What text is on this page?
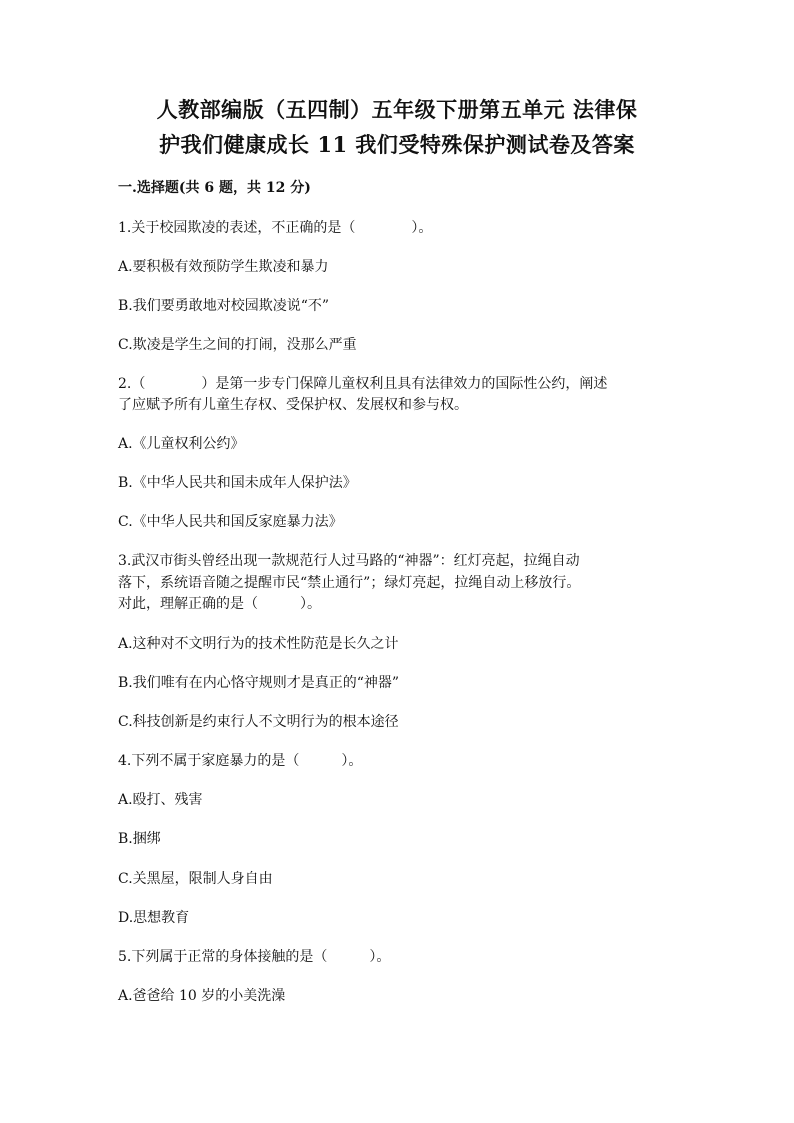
人教部编版（五四制）五年级下册第五单元 法律保
护我们健康成长 11 我们受特殊保护测试卷及答案
一.选择题(共 6 题，共 12 分)
1.关于校园欺凌的表述，不正确的是（　　　　）。
A.要积极有效预防学生欺凌和暴力
B.我们要勇敢地对校园欺凌说“不”
C.欺凌是学生之间的打闹，没那么严重
2.（　　　　）是第一步专门保障儿童权利且具有法律效力的国际性公约，阐述
了应赋予所有儿童生存权、受保护权、发展权和参与权。
A.《儿童权利公约》
B.《中华人民共和国未成年人保护法》
C.《中华人民共和国反家庭暴力法》
3.武汉市街头曾经出现一款规范行人过马路的“神器”：红灯亮起，拉绳自动
落下，系统语音随之提醒市民“禁止通行”；绿灯亮起，拉绳自动上移放行。
对此，理解正确的是（　　　）。
A.这种对不文明行为的技术性防范是长久之计
B.我们唯有在内心恪守规则才是真正的“神器”
C.科技创新是约束行人不文明行为的根本途径
4.下列不属于家庭暴力的是（　　　）。
A.殴打、残害
B.捆绑
C.关黑屋，限制人身自由
D.思想教育
5.下列属于正常的身体接触的是（　　　）。
A.爸爸给 10 岁的小美洗澡
